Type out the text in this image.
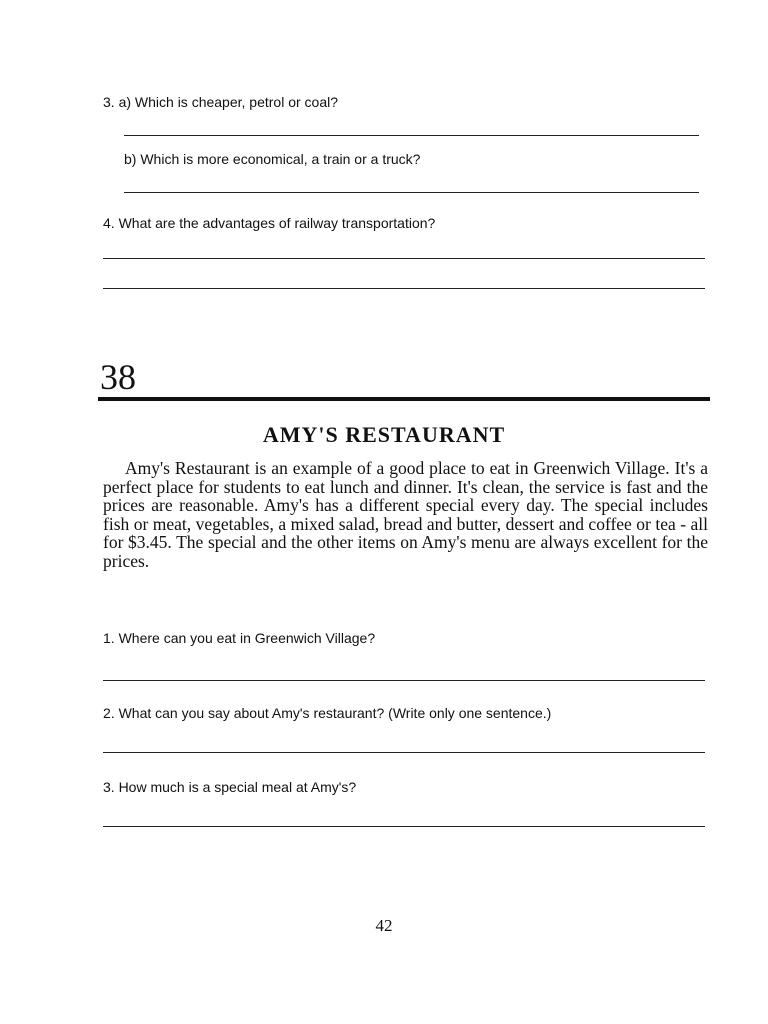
3. a) Which is cheaper, petrol or coal?
b) Which is more economical, a train or a truck?
4. What are the advantages of railway transportation?
38
AMY'S RESTAURANT

Amy's Restaurant is an example of a good place to eat in Greenwich Village. It's a perfect place for students to eat lunch and dinner. It's clean, the service is fast and the prices are reasonable. Amy's has a different special every day. The special includes fish or meat, vegetables, a mixed salad, bread and butter, dessert and coffee or tea - all for $3.45. The special and the other items on Amy's menu are always excellent for the prices.

1. Where can you eat in Greenwich Village?
2. What can you say about Amy's restaurant? (Write only one sentence.)
3. How much is a special meal at Amy's?
42
